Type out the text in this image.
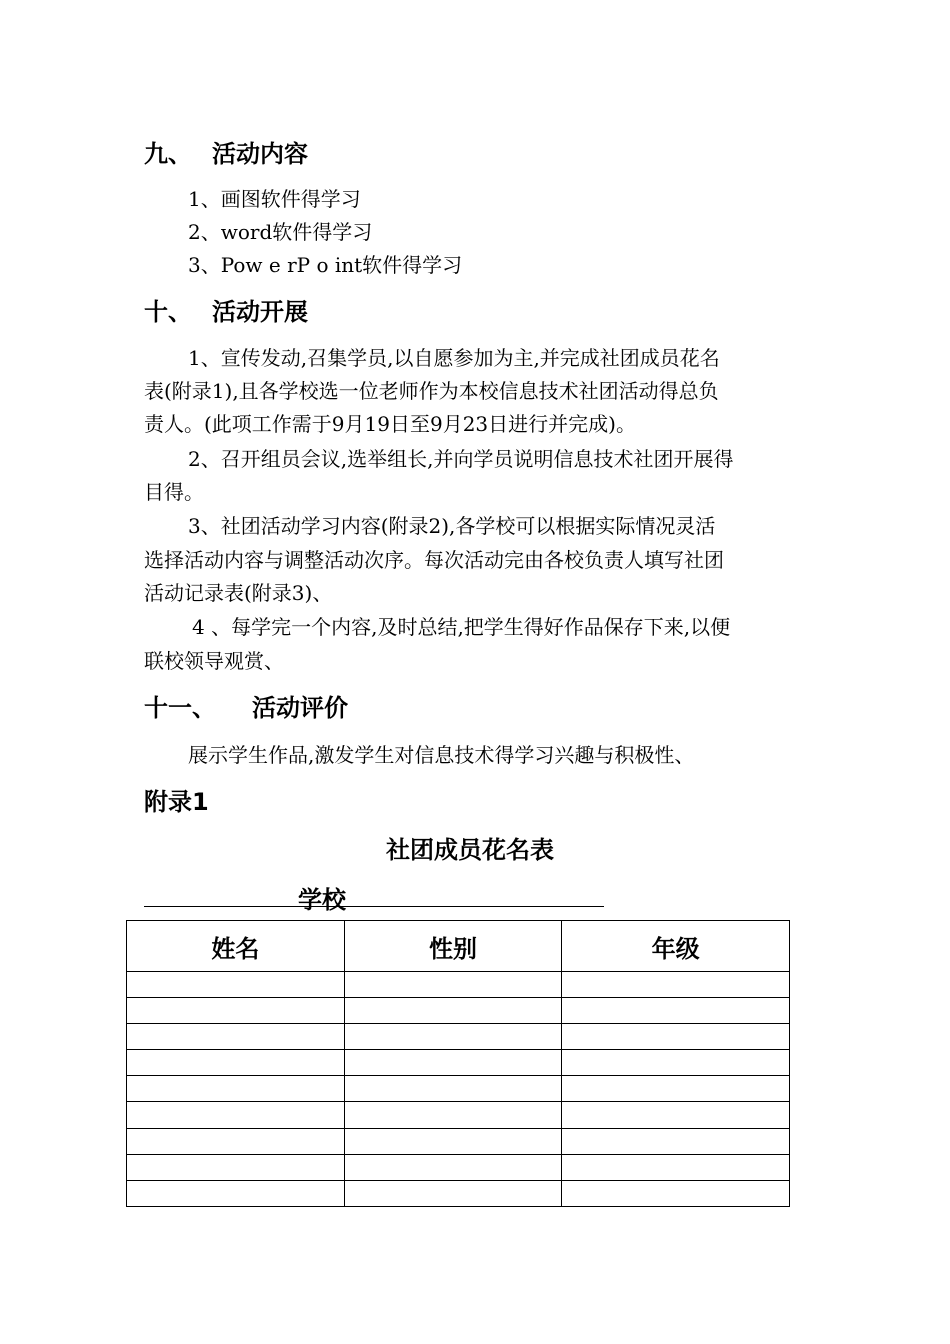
九、 活动内容
1、画图软件得学习
2、word软件得学习
3、Pow e rP o int软件得学习
十、 活动开展
1、宣传发动,召集学员,以自愿参加为主,并完成社团成员花名
表(附录1),且各学校选一位老师作为本校信息技术社团活动得总负
责人。(此项工作需于9月19日至9月23日进行并完成)。
2、召开组员会议,选举组长,并向学员说明信息技术社团开展得
目得。
3、社团活动学习内容(附录2),各学校可以根据实际情况灵活
选择活动内容与调整活动次序。每次活动完由各校负责人填写社团
活动记录表(附录3)、
4 、每学完一个内容,及时总结,把学生得好作品保存下来,以便
联校领导观赏、
十一、 活动评价
展示学生作品,激发学生对信息技术得学习兴趣与积极性、
附录1
社团成员花名表
学校
姓名	性别	年级
